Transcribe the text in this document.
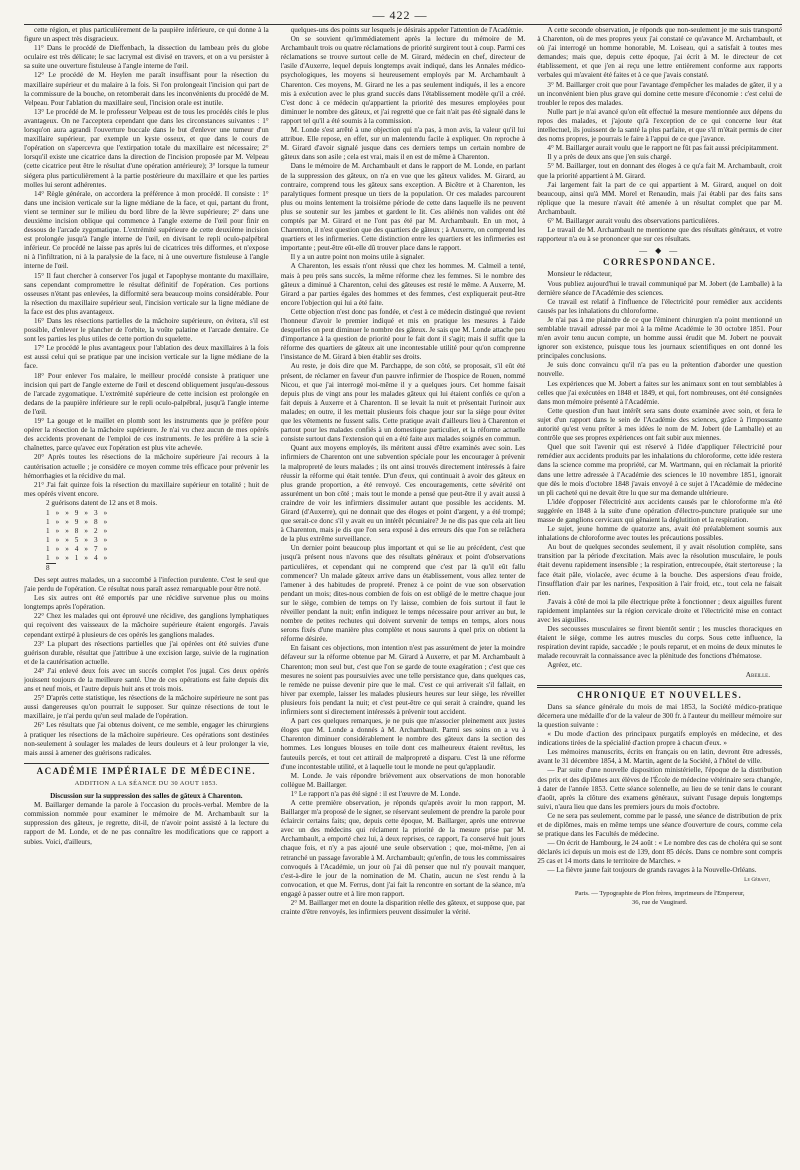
— 422 —

cette région, et plus particulièrement de la paupière inférieure, ce qui donne à la figure un aspect très disgracieux.

11° Dans le procédé de Dieffenbach, la dissection du lambeau près du globe oculaire est très délicate; le sac lacrymal est divisé en travers, et on a vu persister à sa suite une ouverture fistuleuse à l'angle interne de l'œil.

12° Le procédé de M. Heylen me paraît insuffisant pour la résection du maxillaire supérieur et du malaire à la fois. Si l'on prolongeait l'incision qui part de la commissure de la bouche, on retomberait dans les inconvénients du procédé de M. Velpeau. Pour l'ablation du maxillaire seul, l'incision orale est inutile.

13° Le procédé de M. le professeur Velpeau est de tous les procédés cités le plus avantageux. On ne l'acceptera cependant que dans les circonstances suivantes : 1° lorsqu'on aura agrandi l'ouverture buccale dans le but d'enlever une tumeur d'un maxillaire supérieur, par exemple un kyste osseux, et que dans le cours de l'opération on s'apercevra que l'extirpation totale du maxillaire est nécessaire; 2° lorsqu'il existe une cicatrice dans la direction de l'incision proposée par M. Velpeau (cette cicatrice peut être le résultat d'une opération antérieure); 3° lorsque la tumeur siégera plus particulièrement à la partie postérieure du maxillaire et que les parties molles lui seront adhérentes.

14° Règle générale, on accordera la préférence à mon procédé. Il consiste : 1° dans une incision verticale sur la ligne médiane de la face, et qui, partant du front, vient se terminer sur le milieu du bord libre de la lèvre supérieure; 2° dans une deuxième incision oblique qui commence à l'angle externe de l'œil pour finir en dessous de l'arcade zygomatique. L'extrémité supérieure de cette deuxième incision est prolongée jusqu'à l'angle interne de l'œil, en divisant le repli oculo-palpébral inférieur. Ce procédé ne laisse pas après lui de cicatrices très difformes, et n'expose ni à l'infiltration, ni à la paralysie de la face, ni à une ouverture fistuleuse à l'angle interne de l'œil.

15° Il faut chercher à conserver l'os jugal et l'apophyse montante du maxillaire, sans cependant compromettre le résultat définitif de l'opération. Ces portions osseuses n'étant pas enlevées, la difformité sera beaucoup moins considérable. Pour la résection du maxillaire supérieur seul, l'incision verticale sur la ligne médiane de la face est des plus avantageux.

16° Dans les résections partielles de la mâchoire supérieure, on évitera, s'il est possible, d'enlever le plancher de l'orbite, la voûte palatine et l'arcade dentaire. Ce sont les parties les plus utiles de cette portion du squelette.

17° Le procédé le plus avantageux pour l'ablation des deux maxillaires à la fois est aussi celui qui se pratique par une incision verticale sur la ligne médiane de la face.

18° Pour enlever l'os malaire, le meilleur procédé consiste à pratiquer une incision qui part de l'angle externe de l'œil et descend obliquement jusqu'au-dessous de l'arcade zygomatique. L'extrémité supérieure de cette incision est prolongée en dedans de la paupière inférieure sur le repli oculo-palpébral, jusqu'à l'angle interne de l'œil.

19° La gouge et le maillet en plomb sont les instruments que je préfère pour opérer la résection de la mâchoire supérieure. Je n'ai vu chez aucun de mes opérés des accidents provenant de l'emploi de ces instruments. Je les préfère à la scie à chaînettes, parce qu'avec eux l'opération est plus vite achevée.

20° Après toutes les résections de la mâchoire supérieure j'ai recours à la cautérisation actuelle ; je considère ce moyen comme très efficace pour prévenir les hémorrhagies et la récidive du mal.

21° J'ai fait quinze fois la résection du maxillaire supérieur en totalité ; huit de mes opérés vivent encore.

2 guérisons datent de 12 ans et 8 mois.

1	»	»	9	»	3	»
1	»	»	9	»	8	»
1	»	»	8	»	2	»
1	»	»	5	»	3	»
1	»	»	4	»	7	»
1	»	»	1	»	4	»
8						

Des sept autres malades, un a succombé à l'infection purulente. C'est le seul que j'aie perdu de l'opération. Ce résultat nous paraît assez remarquable pour être noté.

Les six autres ont été emportés par une récidive survenue plus ou moins longtemps après l'opération.

22° Chez les malades qui ont éprouvé une récidive, des ganglions lymphatiques qui reçoivent des vaisseaux de la mâchoire supérieure étaient engorgés. J'avais cependant extirpé à plusieurs de ces opérés les ganglions malades.

23° La plupart des résections partielles que j'ai opérées ont été suivies d'une guérison durable, résultat que j'attribue à une excision large, suivie de la rugination et de la cautérisation actuelle.

24° J'ai enlevé deux fois avec un succès complet l'os jugal. Ces deux opérés jouissent toujours de la meilleure santé. Une de ces opérations est faite depuis dix ans et neuf mois, et l'autre depuis huit ans et trois mois.

25° D'après cette statistique, les résections de la mâchoire supérieure ne sont pas aussi dangereuses qu'on pourrait le supposer. Sur quinze résections de tout le maxillaire, je n'ai perdu qu'un seul malade de l'opération.

26° Les résultats que j'ai obtenus doivent, ce me semble, engager les chirurgiens à pratiquer les résections de la mâchoire supérieure. Ces opérations sont destinées non-seulement à soulager les malades de leurs douleurs et à leur prolonger la vie, mais aussi à amener des guérisons radicales.

ACADÉMIE IMPÉRIALE DE MÉDECINE.
ADDITION A LA SÉANCE DU 30 AOUT 1853.

Discussion sur la suppression des salles de gâteux à Charenton.

M. Baillarger demande la parole à l'occasion du procès-verbal. Membre de la commission nommée pour examiner le mémoire de M. Archambault sur la suppression des gâteux, je regrette, dit-il, de n'avoir point assisté à la lecture du rapport de M. Londe, et de ne pas connaître les modifications que ce rapport a subies. Voici, d'ailleurs,

quelques-uns des points sur lesquels je désirais appeler l'attention de l'Académie.

On se souvient qu'immédiatement après la lecture du mémoire de M. Archambault trois ou quatre réclamations de priorité surgirent tout à coup. Parmi ces réclamations se trouve surtout celle de M. Girard, médecin en chef, directeur de l'asile d'Auxerre, lequel depuis longtemps avait indiqué, dans les Annales médico-psychologiques, les moyens si heureusement employés par M. Archambault à Charenton. Ces moyens, M. Girard ne les a pas seulement indiqués, il les a encore mis à exécution avec le plus grand succès dans l'établissement modèle qu'il a créé. C'est donc à ce médecin qu'appartient la priorité des mesures employées pour diminuer le nombre des gâteux, et j'ai regretté que ce fait n'ait pas été signalé dans le rapport tel qu'il a été soumis à la commission.

M. Londe s'est arrêté à une objection qui n'a pas, à mon avis, la valeur qu'il lui attribue. Elle repose, en effet, sur un malentendu facile à expliquer. On reproche à M. Girard d'avoir signalé jusque dans ces derniers temps un certain nombre de gâteux dans son asile ; cela est vrai, mais il en est de même à Charenton.

Dans le mémoire de M. Archambault et dans le rapport de M. Londe, en parlant de la suppression des gâteux, on n'a en vue que les gâteux valides. M. Girard, au contraire, comprend tous les gâteux sans exception. A Bicêtre et à Charenton, les paralytiques forment presque un tiers de la population. Or ces malades parcourent plus ou moins lentement la troisième période de cette dans laquelle ils ne peuvent plus se soutenir sur les jambes et gardent le lit. Ces aliénés non valides ont été comptés par M. Girard et ne l'ont pas été par M. Archambault. En un mot, à Charenton, il n'est question que des quartiers de gâteux ; à Auxerre, on comprend les quartiers et les infirmeries. Cette distinction entre les quartiers et les infirmeries est importante ; peut-être eût-elle dû trouver place dans le rapport.

Il y a un autre point non moins utile à signaler.

A Charenton, les essais n'ont réussi que chez les hommes. M. Calmeil a tenté, mais à peu près sans succès, la même réforme chez les femmes. Si le nombre des gâteux a diminué à Charenton, celui des gâteuses est resté le même. A Auxerre, M. Girard a par parties égales des hommes et des femmes, c'est expliquerait peut-être encore l'objection qui lui a été faite.

Cette objection n'est donc pas fondée, et c'est à ce médecin distingué que revient l'honneur d'avoir le premier indiqué et mis en pratique les mesures à l'aide desquelles on peut diminuer le nombre des gâteux. Je sais que M. Londe attache peu d'importance à la question de priorité pour le fait dont il s'agit; mais il suffit que la réforme des quartiers de gâteux ait une incontestable utilité pour qu'on comprenne l'insistance de M. Girard à bien établir ses droits.

Au reste, je dois dire que M. Parchappe, de son côté, se proposait, s'il eût été présent, de réclamer en faveur d'un pauvre infirmier de l'hospice de Rouen, nommé Nicou, et que j'ai interrogé moi-même il y a quelques jours. Cet homme faisait depuis plus de vingt ans pour les malades gâteux qui lui étaient confiés ce qu'on a fait depuis à Auxerre et à Charenton. Il se levait la nuit et présentait l'urinoir aux malades; en outre, il les mettait plusieurs fois chaque jour sur la siège pour éviter que les vêtements ne fussent salis. Cette pratique avait d'ailleurs lieu à Charenton et partout pour les malades confiés à un domestique particulier, et la réforme actuelle consiste surtout dans l'extension qui en a été faite aux malades soignés en commun.

Quant aux moyens employés, ils méritent aussi d'être examinés avec soin. Les infirmiers de Charenton ont une subvention spéciale pour les encourager à prévenir la malpropreté de leurs malades ; ils ont ainsi trouvés directement intéressés à faire réussir la réforme qui était tentée. D'un d'eux, qui continuait à avoir des gâteux en plus grande proportion, a été renvoyé. Ces encouragements, cette sévérité ont assurément un bon côté ; mais tout le monde a pensé que peut-être il y avait aussi à craindre de voir les infirmiers dissimuler autant que possible les accidents. M. Girard (d'Auxerre), qui ne donnait que des éloges et point d'argent, y a été trompé; que serait-ce donc s'il y avait eu un intérêt pécuniaire? Je ne dis pas que cela ait lieu à Charenton, mais je dis que l'on sera exposé à des erreurs dès que l'on se relâchera de la plus extrême surveillance.

Un dernier point beaucoup plus important et qui se lie au précédent, c'est que jusqu'à présent nous n'avons que des résultats généraux et point d'observations particulières, et cependant qui ne comprend que c'est par là qu'il eût fallu commencer? Un malade gâteux arrive dans un établissement, vous allez tenter de l'amener à des habitudes de propreté. Prenez à ce point de vue son observation pendant un mois; dites-nous combien de fois on est obligé de le mettre chaque jour sur le siège, combien de temps on l'y laisse, combien de fois surtout il faut le réveiller pendant la nuit; enfin indiquez le temps nécessaire pour arriver au but, le nombre de petites rechutes qui doivent survenir de temps en temps, alors nous serons fixés d'une manière plus complète et nous saurons à quel prix on obtient la réforme désirée.

En faisant ces objections, mon intention n'est pas assurément de jeter la moindre défaveur sur la réforme obtenue par M. Girard à Auxerre, et par M. Archambault à Charenton; mon seul but, c'est que l'on se garde de toute exagération ; c'est que ces mesures ne soient pas poursuivies avec une telle persistance que, dans quelques cas, le remède ne puisse devenir pire que le mal. C'est ce qui arriverait s'il fallait, en hiver par exemple, laisser les malades plusieurs heures sur leur siège, les réveiller plusieurs fois pendant la nuit; et c'est peut-être ce qui serait à craindre, quand les infirmiers sont si directement intéressés à prévenir tout accident.

A part ces quelques remarques, je ne puis que m'associer pleinement aux justes éloges que M. Londe a donnés à M. Archambault. Parmi ses soins on a vu à Charenton diminuer considérablement le nombre des gâteux dans la section des hommes. Les longues blouses en toile dont ces malheureux étaient revêtus, les fauteuils percés, et tout cet attirail de malpropreté a disparu. C'est là une réforme d'une incontestable utilité, et à laquelle tout le monde ne peut qu'applaudir.

M. Londe. Je vais répondre brièvement aux observations de mon honorable collègue M. Baillarger.

1° Le rapport n'a pas été signé : il est l'œuvre de M. Londe.

A cette première observation, je réponds qu'après avoir lu mon rapport, M. Baillarger m'a proposé de le signer, se réservant seulement de prendre la parole pour éclaircir certains faits; que, depuis cette époque, M. Baillarger, après une entrevue avec un des médecins qui réclament la priorité de la mesure prise par M. Archambault, a emporté chez lui, à deux reprises, ce rapport, l'a conservé huit jours chaque fois, et n'y a pas ajouté une seule observation ; que, moi-même, j'en ai retranché un passage favorable à M. Archambault; qu'enfin, de tous les commissaires convoqués à l'Académie, un jour où j'ai dû penser que nul n'y pouvait manquer, c'est-à-dire le jour de la nomination de M. Chatin, aucun ne s'est rendu à la convocation, et que M. Ferrus, dont j'ai fait la rencontre en sortant de la séance, m'a engagé à passer outre et à lire mon rapport.

2° M. Baillarger met en doute la disparition réelle des gâteux, et suppose que, par crainte d'être renvoyés, les infirmiers peuvent dissimuler la vérité.

A cette seconde observation, je réponds que non-seulement je me suis transporté à Charenton, où de mes propres yeux j'ai constaté ce qu'avance M. Archambault, et où j'ai interrogé un homme honorable, M. Loiseau, qui a satisfait à toutes mes demandes; mais que, depuis cette époque, j'ai écrit à M. le directeur de cet établissement, et que j'en ai reçu une lettre entièrement conforme aux rapports verbales qui m'avaient été faites et à ce que j'avais constaté.

3° M. Baillarger croit que pour l'avantage d'empêcher les malades de gâter, il y a un inconvénient bien plus grave qui domine cette mesure d'économie : c'est celui de troubler le repos des malades.

Nulle part je n'ai avancé qu'on eût effectué la mesure mentionnée aux dépens du repos des malades, et j'ajoute qu'à l'exception de ce qui concerne leur état intellectuel, ils jouissent de la santé la plus parfaite, et que s'il m'était permis de citer des noms propres, je pourrais le faire à l'appui de ce que j'avance.

4° M. Baillarger aurait voulu que le rapport ne fût pas fait aussi précipitamment.

Il y a près de deux ans que j'en suis chargé.

5° M. Baillarger, tout en donnant des éloges à ce qu'a fait M. Archambault, croit que la priorité appartient à M. Girard.

J'ai largement fait la part de ce qui appartient à M. Girard, auquel on doit beaucoup, ainsi qu'à MM. Morel et Renaudin, mais j'ai établi par des faits sans réplique que la mesure n'avait été amenée à un résultat complet que par M. Archambault.

6° M. Baillarger aurait voulu des observations particulières.

Le travail de M. Archambault ne mentionne que des résultats généraux, et votre rapporteur n'a eu à se prononcer que sur ces résultats.

— ◆ —
CORRESPONDANCE.

Monsieur le rédacteur,

Vous publiez aujourd'hui le travail communiqué par M. Jobert (de Lamballe) à la dernière séance de l'Académie des sciences.

Ce travail est relatif à l'influence de l'électricité pour remédier aux accidents causés par les inhalations du chloroforme.

Je n'ai pas à me plaindre de ce que l'éminent chirurgien n'a point mentionné un semblable travail adressé par moi à la même Académie le 30 octobre 1851. Pour m'en avoir tenu aucun compte, un homme aussi érudit que M. Jobert ne pouvait ignorer son existence, puisque tous les journaux scientifiques en ont donné les principales conclusions.

Je suis donc convaincu qu'il n'a pas eu la prétention d'aborder une question nouvelle.

Les expériences que M. Jobert a faites sur les animaux sont en tout semblables à celles que j'ai exécutées en 1848 et 1849, et qui, fort nombreuses, ont été consignées dans mon mémoire présenté à l'Académie.

Cette question d'un haut intérêt sera sans doute examinée avec soin, et fera le sujet d'un rapport dans le sein de l'Académie des sciences, grâce à l'impossante autorité qu'est venu prêter à mes idées le nom de M. Jobert (de Lamballe) et au contrôle que ses propres expériences ont fait subir aux miennes.

Quel que soit l'avenir qui est réservé à l'idée d'appliquer l'électricité pour remédier aux accidents produits par les inhalations du chloroforme, cette idée restera dans la science comme ma propriété, car M. Wartmann, qui en réclamait la priorité dans une lettre adressée à l'Académie des sciences le 10 novembre 1851, ignorait que dès le mois d'octobre 1848 j'avais envoyé à ce sujet à l'Académie de médecine un pli cacheté qui ne devait être lu que sur ma demande ultérieure.

L'idée d'opposer l'électricité aux accidents causés par le chloroforme m'a été suggérée en 1848 à la suite d'une opération d'électro-puncture pratiquée sur une masse de ganglions cervicaux qui gênaient la déglutition et la respiration.

Le sujet, jeune homme de quatorze ans, avait été préalablement soumis aux inhalations de chloroforme avec toutes les précautions possibles.

Au bout de quelques secondes seulement, il y avait résolution complète, sans transition par la période d'excitation. Mais avec la résolution musculaire, le pouls était devenu rapidement insensible ; la respiration, entrecoupée, était stertoreuse ; la face était pâle, violacée, avec écume à la bouche. Des aspersions d'eau froide, l'insufflation d'air par les narines, l'exposition à l'air froid, etc., tout cela ne faisait rien.

J'avais à côté de moi la pile électrique prête à fonctionner ; deux aiguilles furent rapidement implantées sur la région cervicale droite et l'électricité mise en contact avec les aiguilles.

Des secousses musculaires se firent bientôt sentir ; les muscles thoraciques en étaient le siège, comme les autres muscles du corps. Sous cette influence, la respiration devint rapide, saccadée ; le pouls reparut, et en moins de deux minutes le malade recouvrait la connaissance avec la plénitude des fonctions d'hématose.

Agréez, etc.

Abeille.
CHRONIQUE ET NOUVELLES.

Dans sa séance générale du mois de mai 1853, la Société médico-pratique décernera une médaille d'or de la valeur de 300 fr. à l'auteur du meilleur mémoire sur la question suivante :

« Du mode d'action des principaux purgatifs employés en médecine, et des indications tirées de la spécialité d'action propre à chacun d'eux. »

Les mémoires manuscrits, écrits en français ou en latin, devront être adressés, avant le 31 décembre 1854, à M. Martin, agent de la Société, à l'hôtel de ville.

— Par suite d'une nouvelle disposition ministérielle, l'époque de la distribution des prix et des diplômes aux élèves de l'École de médecine vétérinaire sera changée, à dater de l'année 1853. Cette séance solennelle, au lieu de se tenir dans le courant d'août, après la clôture des examens généraux, suivant l'usage depuis longtemps suivi, n'aura lieu que dans les premiers jours du mois d'octobre.

Ce ne sera pas seulement, comme par le passé, une séance de distribution de prix et de diplômes, mais en même temps une séance d'ouverture de cours, comme cela se pratique dans les Facultés de médecine.

— On écrit de Hambourg, le 24 août : « Le nombre des cas de choléra qui se sont déclarés ici depuis un mois est de 139, dont 85 décès. Dans ce nombre sont compris 25 cas et 14 morts dans le territoire de Marches. »

— La fièvre jaune fait toujours de grands ravages à la Nouvelle-Orléans.

Le Gérant,
Paris. — Typographie de Plon frères, imprimeurs de l'Empereur,
36, rue de Vaugirard.
